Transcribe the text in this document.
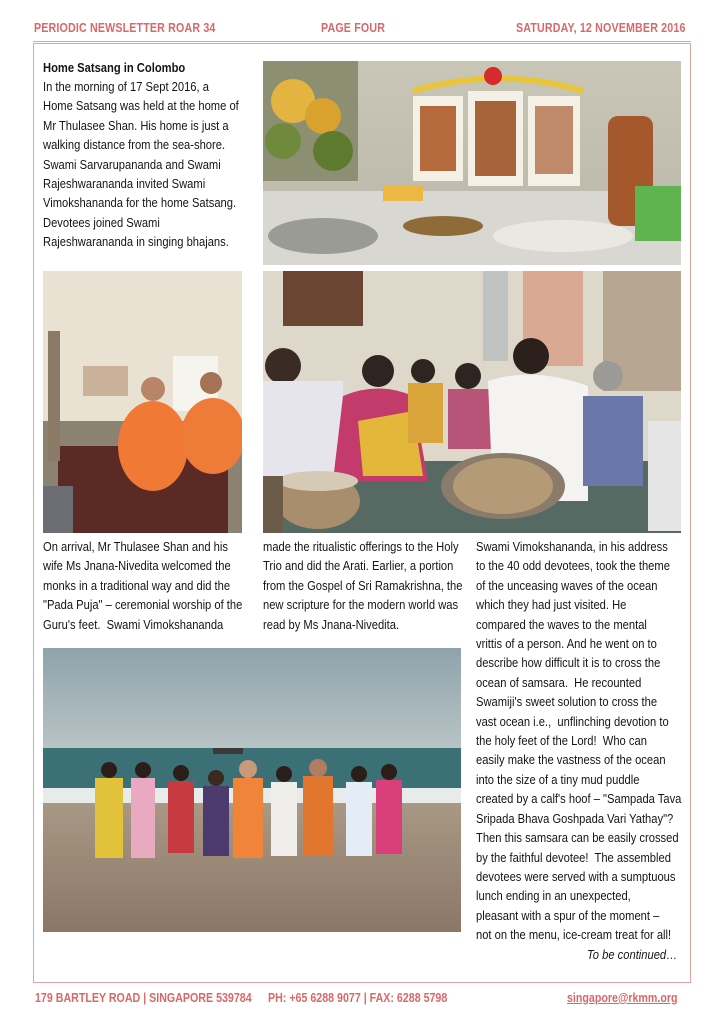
PERIODIC NEWSLETTER ROAR 34	PAGE FOUR	SATURDAY, 12 NOVEMBER 2016
Home Satsang in Colombo
In the morning of 17 Sept 2016, a
Home Satsang was held at the home of
Mr Thulasee Shan. His home is just a
walking distance from the sea-shore.
Swami Sarvarupananda and Swami
Rajeshwarananda invited Swami
Vimokshananda for the home Satsang.
Devotees joined Swami
Rajeshwarananda in singing bhajans.
On arrival, Mr Thulasee Shan and his
wife Ms Jnana-Nivedita welcomed the
monks in a traditional way and did the
"Pada Puja" – ceremonial worship of the
Guru's feet.  Swami Vimokshananda
made the ritualistic offerings to the Holy
Trio and did the Arati. Earlier, a portion
from the Gospel of Sri Ramakrishna, the
new scripture for the modern world was
read by Ms Jnana-Nivedita.
Swami Vimokshananda, in his address
to the 40 odd devotees, took the theme
of the unceasing waves of the ocean
which they had just visited. He
compared the waves to the mental
vrittis of a person. And he went on to
describe how difficult it is to cross the
ocean of samsara.  He recounted
Swamiji's sweet solution to cross the
vast ocean i.e.,  unflinching devotion to
the holy feet of the Lord!  Who can
easily make the vastness of the ocean
into the size of a tiny mud puddle
created by a calf's hoof – "Sampada Tava
Sripada Bhava Goshpada Vari Yathay"?
Then this samsara can be easily crossed
by the faithful devotee!  The assembled
devotees were served with a sumptuous
lunch ending in an unexpected,
pleasant with a spur of the moment –
not on the menu, ice-cream treat for all!
To be continued…
179 BARTLEY ROAD | SINGAPORE 539784 PH: +65 6288 9077 | FAX: 6288 5798	singapore@rkmm.org
